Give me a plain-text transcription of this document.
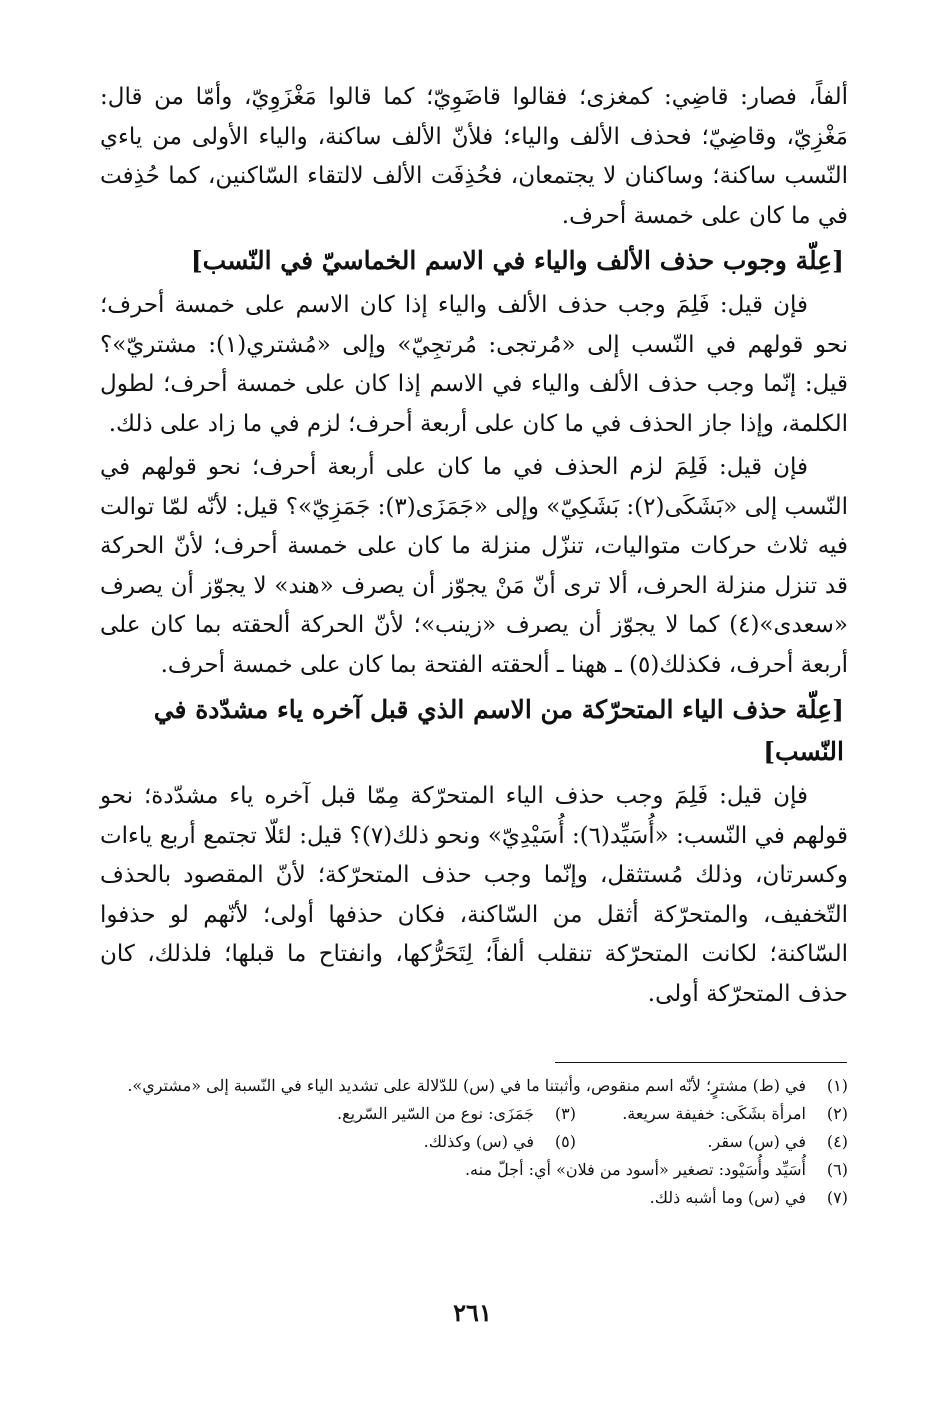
ألفاً، فصار: قاضِي: كمغزى؛ فقالوا قاضَوِيّ؛ كما قالوا مَغْزَوِيّ، وأمّا من قال: مَغْزِيّ، وقاضِيّ؛ فحذف الألف والياء؛ فلأنّ الألف ساكنة، والياء الأولى من ياءي النّسب ساكنة؛ وساكنان لا يجتمعان، فحُذِفَت الألف لالتقاء السّاكنين، كما حُذِفت في ما كان على خمسة أحرف.

[عِلّة وجوب حذف الألف والياء في الاسم الخماسيّ في النّسب]

فإن قيل: فَلِمَ وجب حذف الألف والياء إذا كان الاسم على خمسة أحرف؛ نحو قولهم في النّسب إلى «مُرتجى: مُرتجِيّ» وإلى «مُشتري(١): مشتريّ»؟ قيل: إنّما وجب حذف الألف والياء في الاسم إذا كان على خمسة أحرف؛ لطول الكلمة، وإذا جاز الحذف في ما كان على أربعة أحرف؛ لزم في ما زاد على ذلك.

فإن قيل: فَلِمَ لزم الحذف في ما كان على أربعة أحرف؛ نحو قولهم في النّسب إلى «بَشَكَى(٢): بَشَكِيّ» وإلى «جَمَزَى(٣): جَمَزِيّ»؟ قيل: لأنّه لمّا توالت فيه ثلاث حركات متواليات، تنزّل منزلة ما كان على خمسة أحرف؛ لأنّ الحركة قد تنزل منزلة الحرف، ألا ترى أنّ مَنْ يجوّز أن يصرف «هند» لا يجوّز أن يصرف «سعدى»(٤) كما لا يجوّز أن يصرف «زينب»؛ لأنّ الحركة ألحقته بما كان على أربعة أحرف، فكذلك(٥) ـ ههنا ـ ألحقته الفتحة بما كان على خمسة أحرف.

[عِلّة حذف الياء المتحرّكة من الاسم الذي قبل آخره ياء مشدّدة في النّسب]

فإن قيل: فَلِمَ وجب حذف الياء المتحرّكة مِمّا قبل آخره ياء مشدّدة؛ نحو قولهم في النّسب: «أُسَيِّد(٦): أُسَيْدِيّ» ونحو ذلك(٧)؟ قيل: لئلّا تجتمع أربع ياءات وكسرتان، وذلك مُستثقل، وإنّما وجب حذف المتحرّكة؛ لأنّ المقصود بالحذف التّخفيف، والمتحرّكة أثقل من السّاكنة، فكان حذفها أولى؛ لأنّهم لو حذفوا السّاكنة؛ لكانت المتحرّكة تنقلب ألفاً؛ لِتَحَرُّكها، وانفتاح ما قبلها؛ فلذلك، كان حذف المتحرّكة أولى.

(١)
في (ط) مشترٍ؛ لأنّه اسم منقوص، وأثبتنا ما في (س) للدّلالة على تشديد الياء في النّسبة إلى «مشتري».
(٢)
امرأة بشَكَى: خفيفة سريعة.
(٣)
جَمَزَى: نوع من السّير السّريع.
(٤)
في (س) سقر.
(٥)
في (س) وكذلك.
(٦)
أُسَيِّد وأُسَيْود: تصغير «أسود من فلان» أي: أجلّ منه.
(٧)
في (س) وما أشبه ذلك.
٢٦١
